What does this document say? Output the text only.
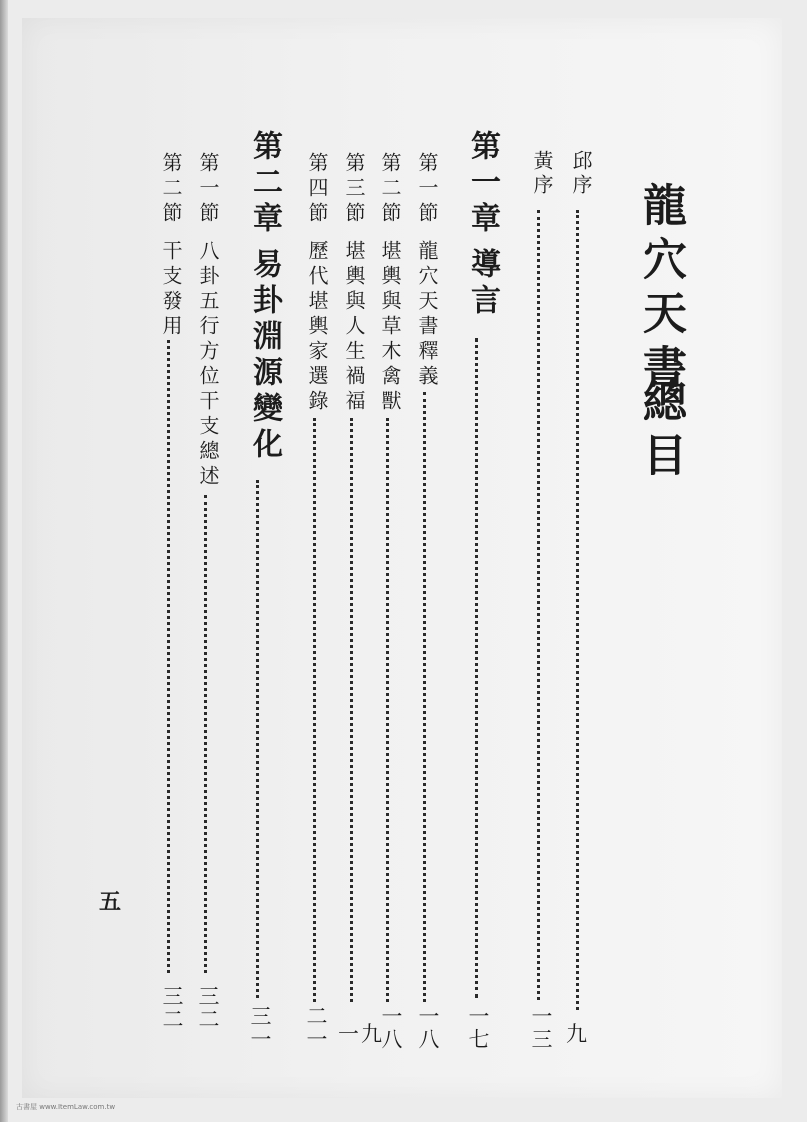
龍穴天書
總目
邱序
九
黃序
一三
第一章
導言
一七
第一節
龍穴天書釋義
一八
第二節
堪輿與草木禽獸
一八
第三節
堪輿與人生禍福
一九
第四節
歷代堪輿家選錄
二一
第二章
易卦淵源變化
三一
第一節
八卦五行方位干支總述
三二
第二節
干支發用
三二
五
古書屋 www.ItemLaw.com.tw
